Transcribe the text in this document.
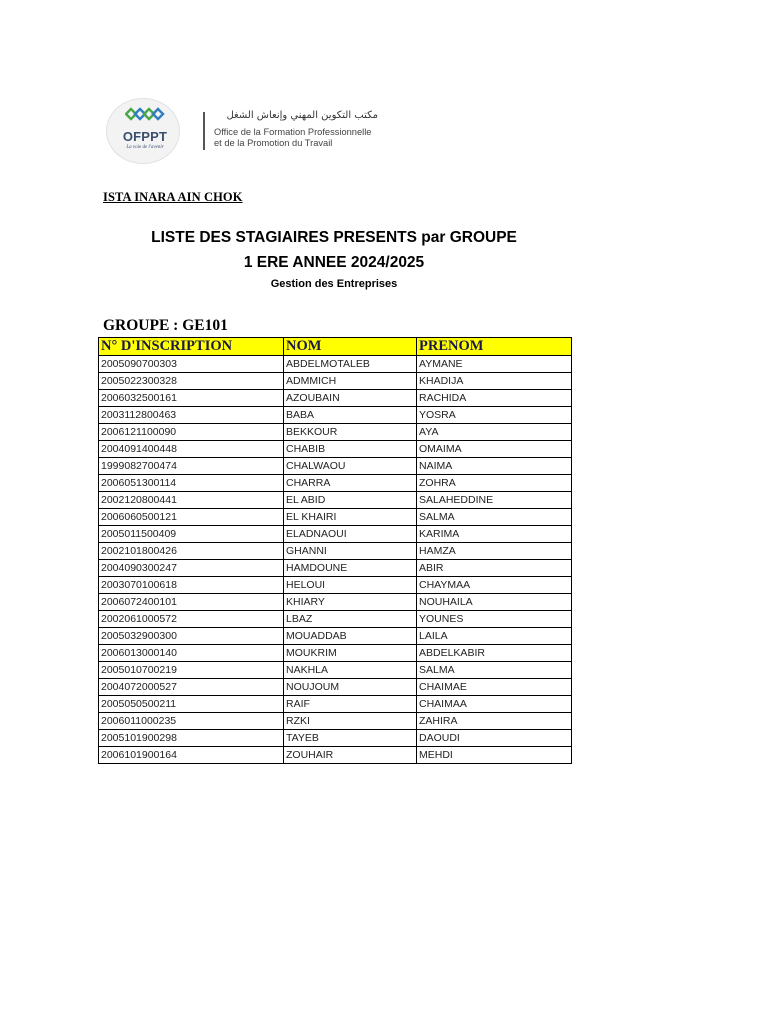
OFPPT
La voie de l'avenir
مكتب التكوين المهني وإنعاش الشغل
Office de la Formation Professionnelle
et de la Promotion du Travail
ISTA INARA AIN CHOK
LISTE DES STAGIAIRES PRESENTS par GROUPE
1 ERE ANNEE 2024/2025
Gestion des Entreprises
GROUPE : GE101
N° D'INSCRIPTION	NOM	PRENOM
2005090700303	ABDELMOTALEB	AYMANE
2005022300328	ADMMICH	KHADIJA
2006032500161	AZOUBAIN	RACHIDA
2003112800463	BABA	YOSRA
2006121100090	BEKKOUR	AYA
2004091400448	CHABIB	OMAIMA
1999082700474	CHALWAOU	NAIMA
2006051300114	CHARRA	ZOHRA
2002120800441	EL ABID	SALAHEDDINE
2006060500121	EL KHAIRI	SALMA
2005011500409	ELADNAOUI	KARIMA
2002101800426	GHANNI	HAMZA
2004090300247	HAMDOUNE	ABIR
2003070100618	HELOUI	CHAYMAA
2006072400101	KHIARY	NOUHAILA
2002061000572	LBAZ	YOUNES
2005032900300	MOUADDAB	LAILA
2006013000140	MOUKRIM	ABDELKABIR
2005010700219	NAKHLA	SALMA
2004072000527	NOUJOUM	CHAIMAE
2005050500211	RAIF	CHAIMAA
2006011000235	RZKI	ZAHIRA
2005101900298	TAYEB	DAOUDI
2006101900164	ZOUHAIR	MEHDI
